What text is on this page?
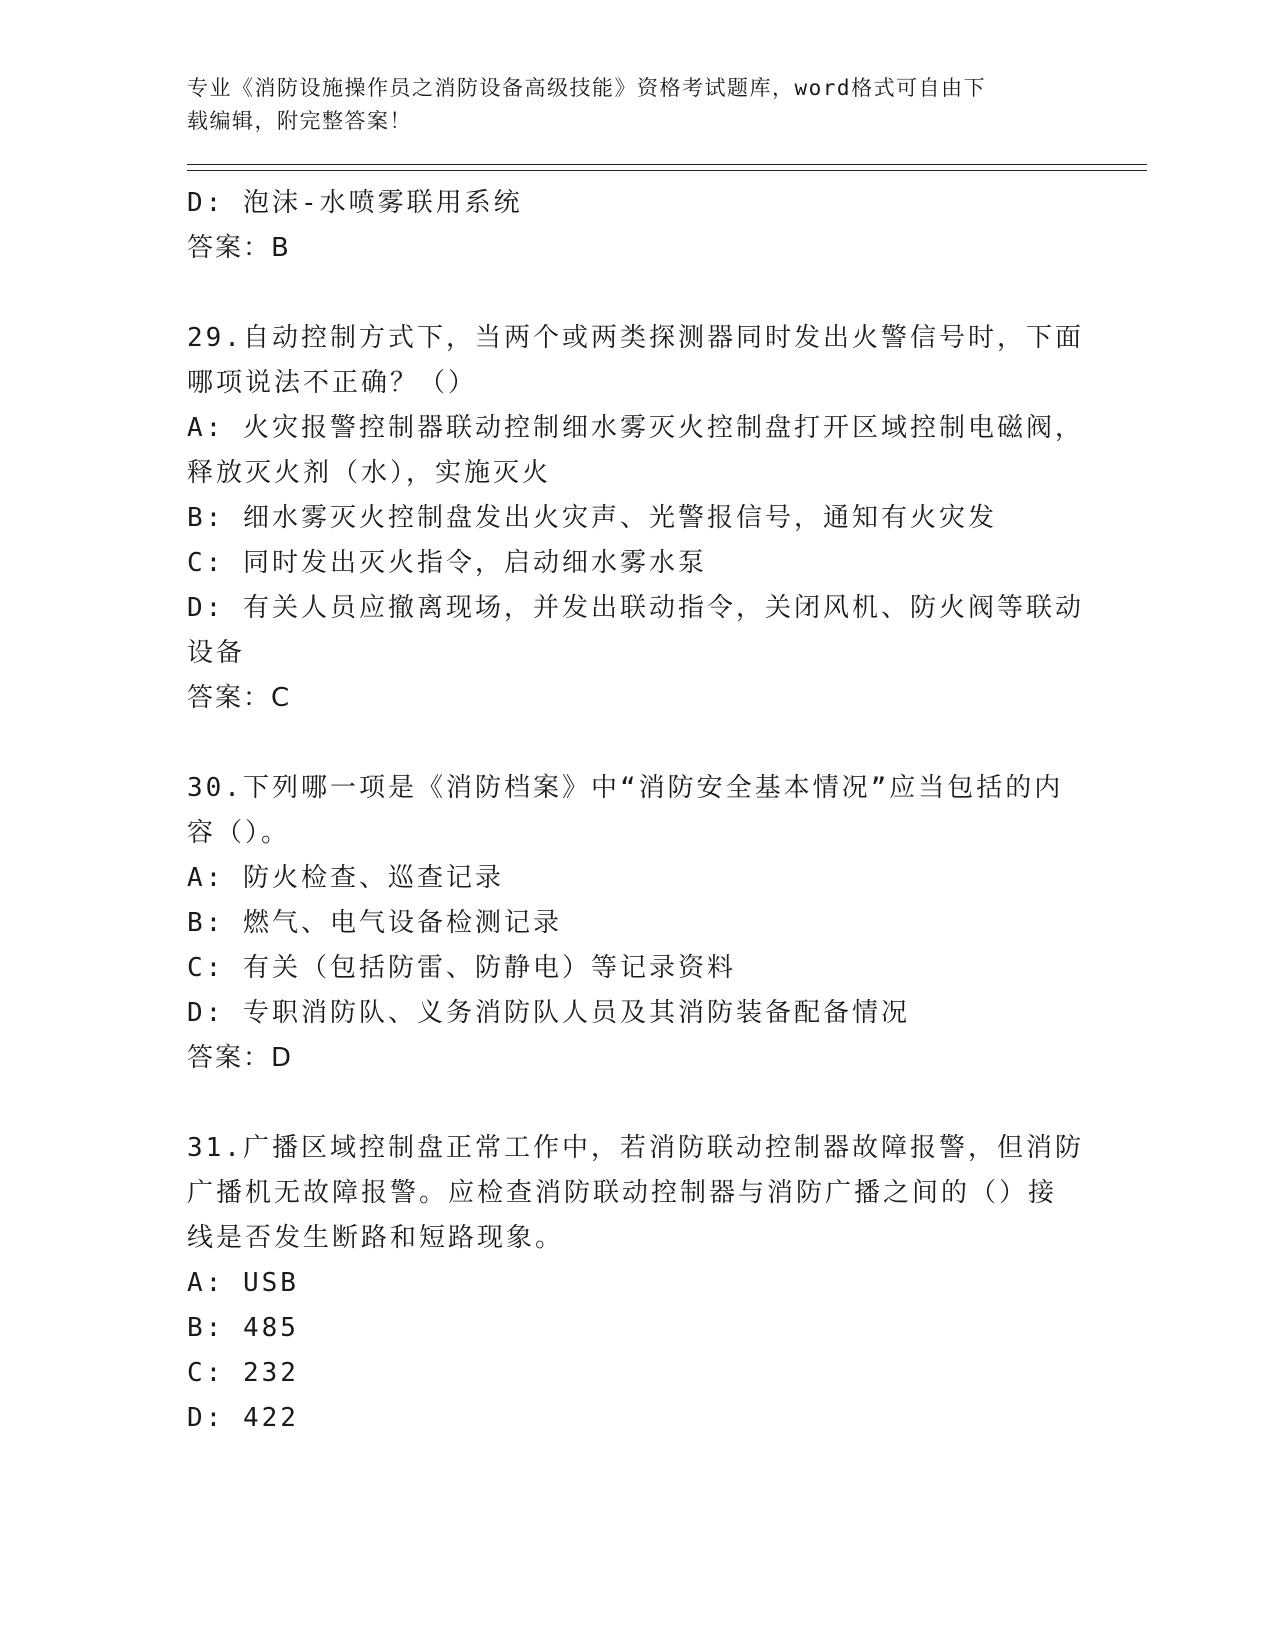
专业《消防设施操作员之消防设备高级技能》资格考试题库，word格式可自由下
载编辑，附完整答案！

D: 泡沫-水喷雾联用系统

答案：B

29.自动控制方式下，当两个或两类探测器同时发出火警信号时，下面

哪项说法不正确？（）

A: 火灾报警控制器联动控制细水雾灭火控制盘打开区域控制电磁阀，

释放灭火剂（水），实施灭火

B: 细水雾灭火控制盘发出火灾声、光警报信号，通知有火灾发

C: 同时发出灭火指令，启动细水雾水泵

D: 有关人员应撤离现场，并发出联动指令，关闭风机、防火阀等联动

设备

答案：C

30.下列哪一项是《消防档案》中“消防安全基本情况”应当包括的内

容（）。

A: 防火检查、巡查记录

B: 燃气、电气设备检测记录

C: 有关（包括防雷、防静电）等记录资料

D: 专职消防队、义务消防队人员及其消防装备配备情况

答案：D

31.广播区域控制盘正常工作中，若消防联动控制器故障报警，但消防

广播机无故障报警。应检查消防联动控制器与消防广播之间的（）接

线是否发生断路和短路现象。

A: USB

B: 485

C: 232

D: 422
